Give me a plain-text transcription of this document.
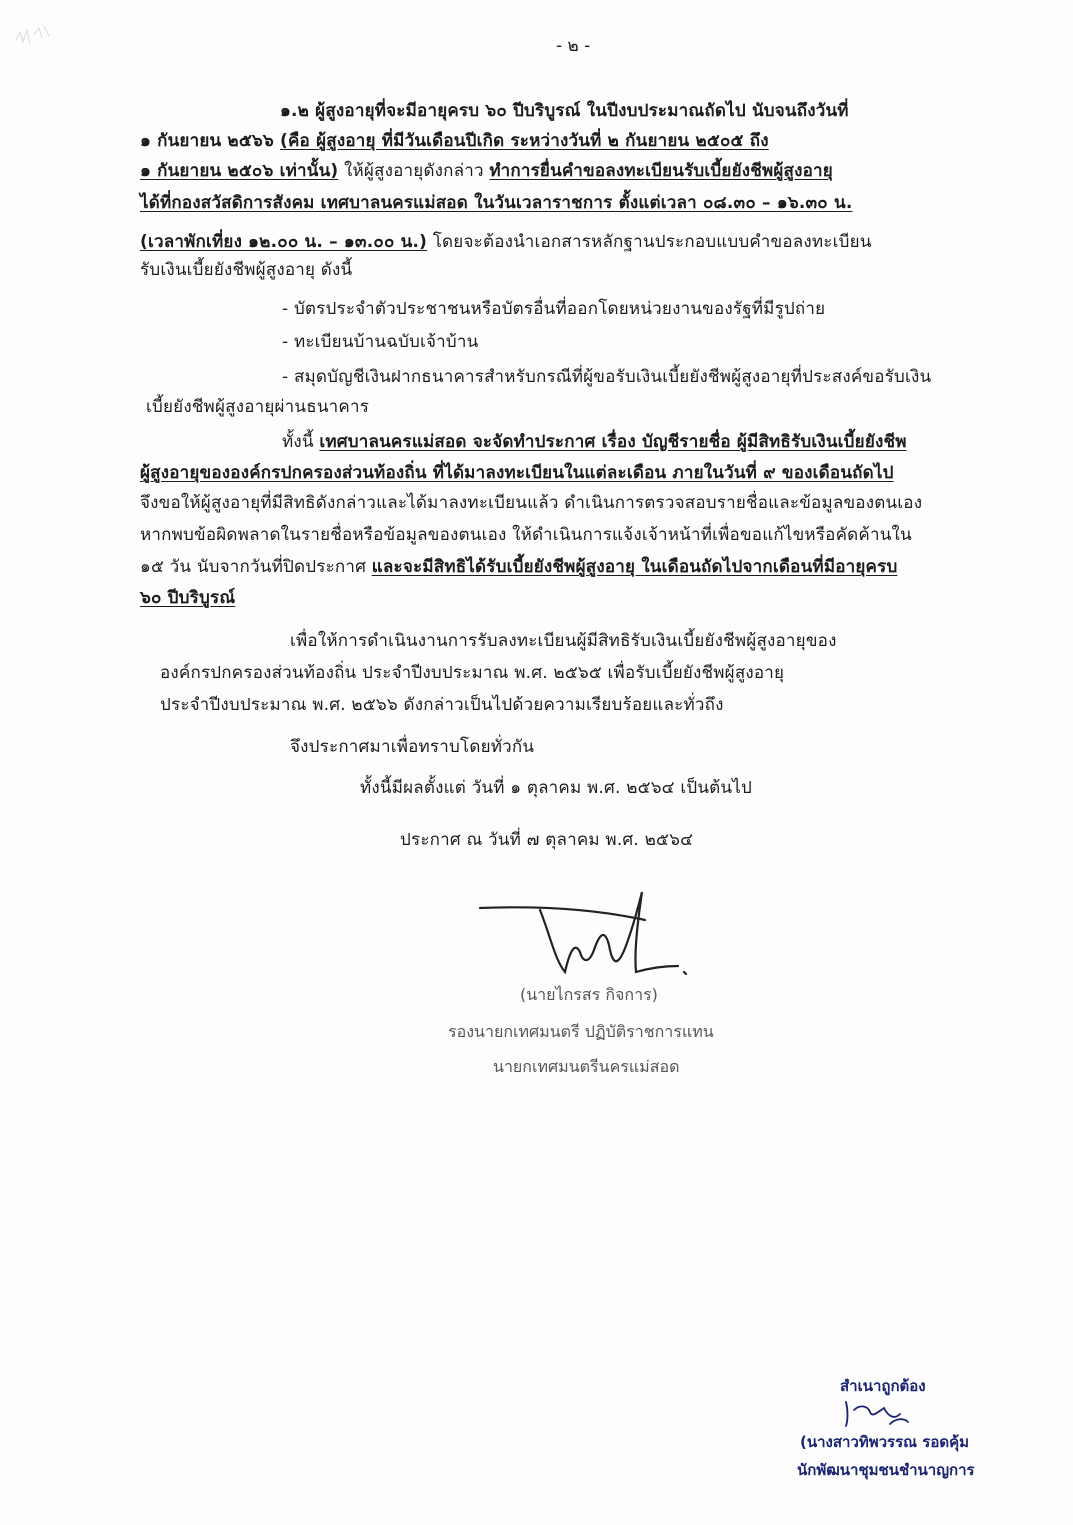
- ๒ -
๑.๒ ผู้สูงอายุที่จะมีอายุครบ ๖๐ ปีบริบูรณ์ ในปีงบประมาณถัดไป นับจนถึงวันที่
๑ กันยายน ๒๕๖๖ (คือ ผู้สูงอายุ ที่มีวันเดือนปีเกิด ระหว่างวันที่ ๒ กันยายน ๒๕๐๕ ถึง
๑ กันยายน ๒๕๐๖ เท่านั้น) ให้ผู้สูงอายุดังกล่าว ทำการยื่นคำขอลงทะเบียนรับเบี้ยยังชีพผู้สูงอายุ
ได้ที่กองสวัสดิการสังคม เทศบาลนครแม่สอด ในวันเวลาราชการ ตั้งแต่เวลา ๐๘.๓๐ – ๑๖.๓๐ น.
(เวลาพักเที่ยง ๑๒.๐๐ น. – ๑๓.๐๐ น.) โดยจะต้องนำเอกสารหลักฐานประกอบแบบคำขอลงทะเบียน
รับเงินเบี้ยยังชีพผู้สูงอายุ ดังนี้
- บัตรประจำตัวประชาชนหรือบัตรอื่นที่ออกโดยหน่วยงานของรัฐที่มีรูปถ่าย
- ทะเบียนบ้านฉบับเจ้าบ้าน
- สมุดบัญชีเงินฝากธนาคารสำหรับกรณีที่ผู้ขอรับเงินเบี้ยยังชีพผู้สูงอายุที่ประสงค์ขอรับเงิน
เบี้ยยังชีพผู้สูงอายุผ่านธนาคาร
ทั้งนี้ เทศบาลนครแม่สอด จะจัดทำประกาศ เรื่อง บัญชีรายชื่อ ผู้มีสิทธิรับเงินเบี้ยยังชีพ
ผู้สูงอายุขององค์กรปกครองส่วนท้องถิ่น ที่ได้มาลงทะเบียนในแต่ละเดือน ภายในวันที่ ๙ ของเดือนถัดไป
จึงขอให้ผู้สูงอายุที่มีสิทธิดังกล่าวและได้มาลงทะเบียนแล้ว ดำเนินการตรวจสอบรายชื่อและข้อมูลของตนเอง
หากพบข้อผิดพลาดในรายชื่อหรือข้อมูลของตนเอง ให้ดำเนินการแจ้งเจ้าหน้าที่เพื่อขอแก้ไขหรือคัดค้านใน
๑๕ วัน นับจากวันที่ปิดประกาศ และจะมีสิทธิได้รับเบี้ยยังชีพผู้สูงอายุ ในเดือนถัดไปจากเดือนที่มีอายุครบ
๖๐ ปีบริบูรณ์
เพื่อให้การดำเนินงานการรับลงทะเบียนผู้มีสิทธิรับเงินเบี้ยยังชีพผู้สูงอายุของ
องค์กรปกครองส่วนท้องถิ่น ประจำปีงบประมาณ พ.ศ. ๒๕๖๕ เพื่อรับเบี้ยยังชีพผู้สูงอายุ
ประจำปีงบประมาณ พ.ศ. ๒๕๖๖ ดังกล่าวเป็นไปด้วยความเรียบร้อยและทั่วถึง
จึงประกาศมาเพื่อทราบโดยทั่วกัน
ทั้งนี้มีผลตั้งแต่ วันที่ ๑ ตุลาคม พ.ศ. ๒๕๖๔ เป็นต้นไป
ประกาศ ณ วันที่ ๗ ตุลาคม พ.ศ. ๒๕๖๔
(นายไกรสร กิจการ)
รองนายกเทศมนตรี ปฏิบัติราชการแทน
นายกเทศมนตรีนครแม่สอด
สำเนาถูกต้อง
(นางสาวทิพวรรณ รอดคุ้ม
นักพัฒนาชุมชนชำนาญการ
